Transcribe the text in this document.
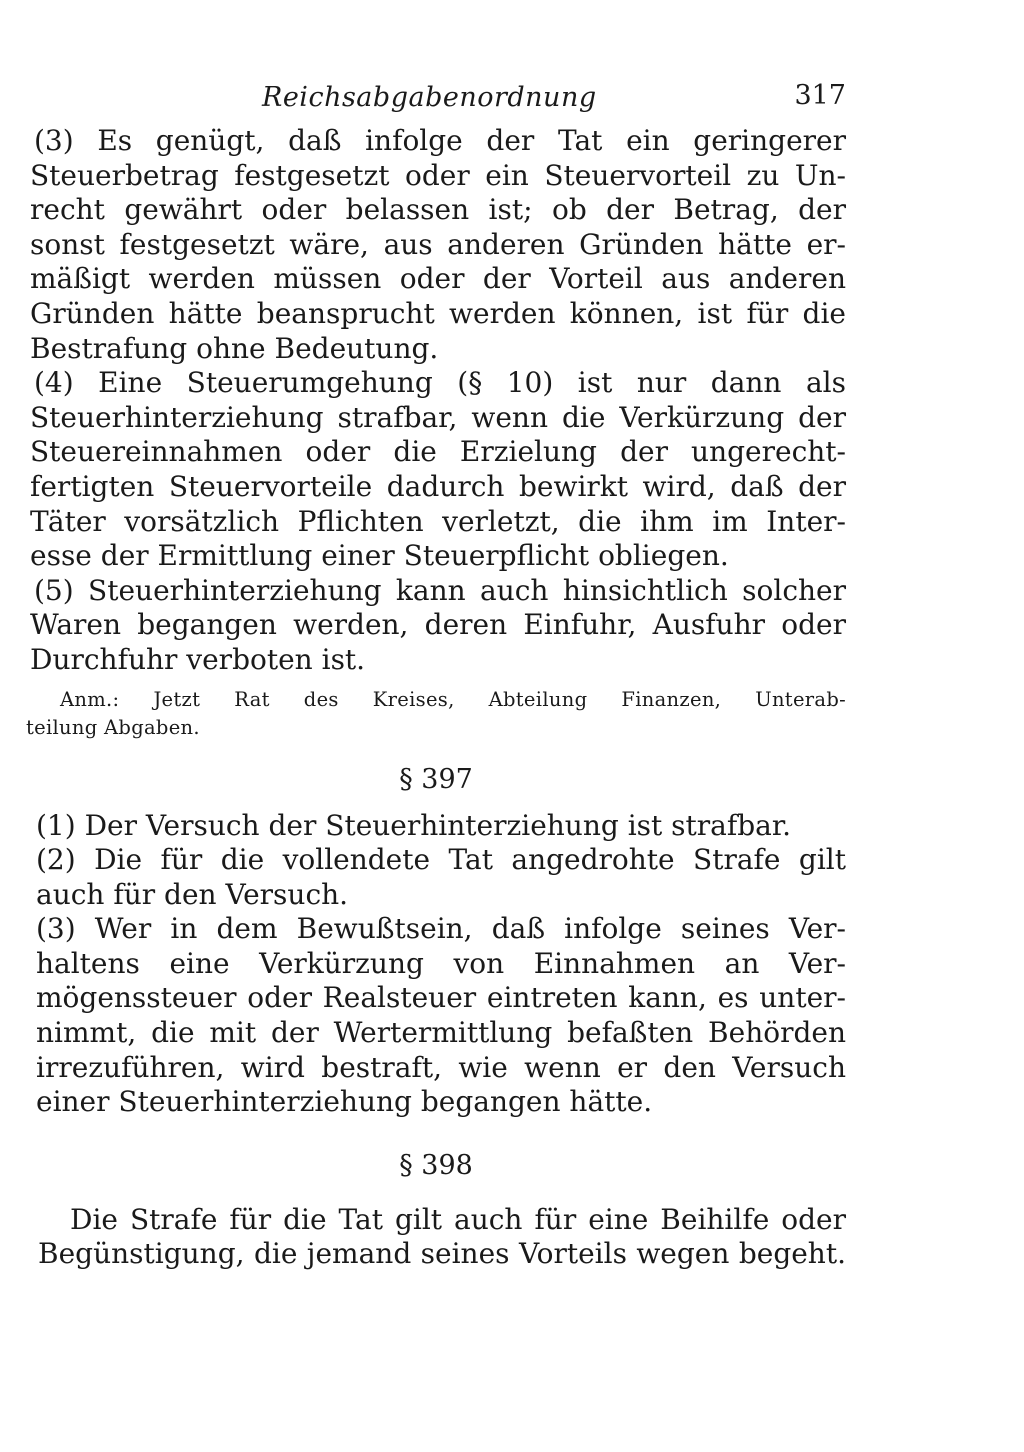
Reichsabgabenordnung	317

(3) Es genügt, daß infolge der Tat ein geringerer
Steuerbetrag festgesetzt oder ein Steuervorteil zu Un-
recht gewährt oder belassen ist; ob der Betrag, der
sonst festgesetzt wäre, aus anderen Gründen hätte er-
mäßigt werden müssen oder der Vorteil aus anderen
Gründen hätte beansprucht werden können, ist für die
Bestrafung ohne Bedeutung.

(4) Eine Steuerumgehung (§ 10) ist nur dann als
Steuerhinterziehung strafbar, wenn die Verkürzung der
Steuereinnahmen oder die Erzielung der ungerecht-
fertigten Steuervorteile dadurch bewirkt wird, daß der
Täter vorsätzlich Pflichten verletzt, die ihm im Inter-
esse der Ermittlung einer Steuerpflicht obliegen.

(5) Steuerhinterziehung kann auch hinsichtlich solcher
Waren begangen werden, deren Einfuhr, Ausfuhr oder
Durchfuhr verboten ist.

Anm.: Jetzt Rat des Kreises, Abteilung Finanzen, Unterab-
teilung Abgaben.

§ 397

(1) Der Versuch der Steuerhinterziehung ist strafbar.

(2) Die für die vollendete Tat angedrohte Strafe gilt
auch für den Versuch.

(3) Wer in dem Bewußtsein, daß infolge seines Ver-
haltens eine Verkürzung von Einnahmen an Ver-
mögenssteuer oder Realsteuer eintreten kann, es unter-
nimmt, die mit der Wertermittlung befaßten Behörden
irrezuführen, wird bestraft, wie wenn er den Versuch
einer Steuerhinterziehung begangen hätte.

§ 398

Die Strafe für die Tat gilt auch für eine Beihilfe oder
Begünstigung, die jemand seines Vorteils wegen begeht.
